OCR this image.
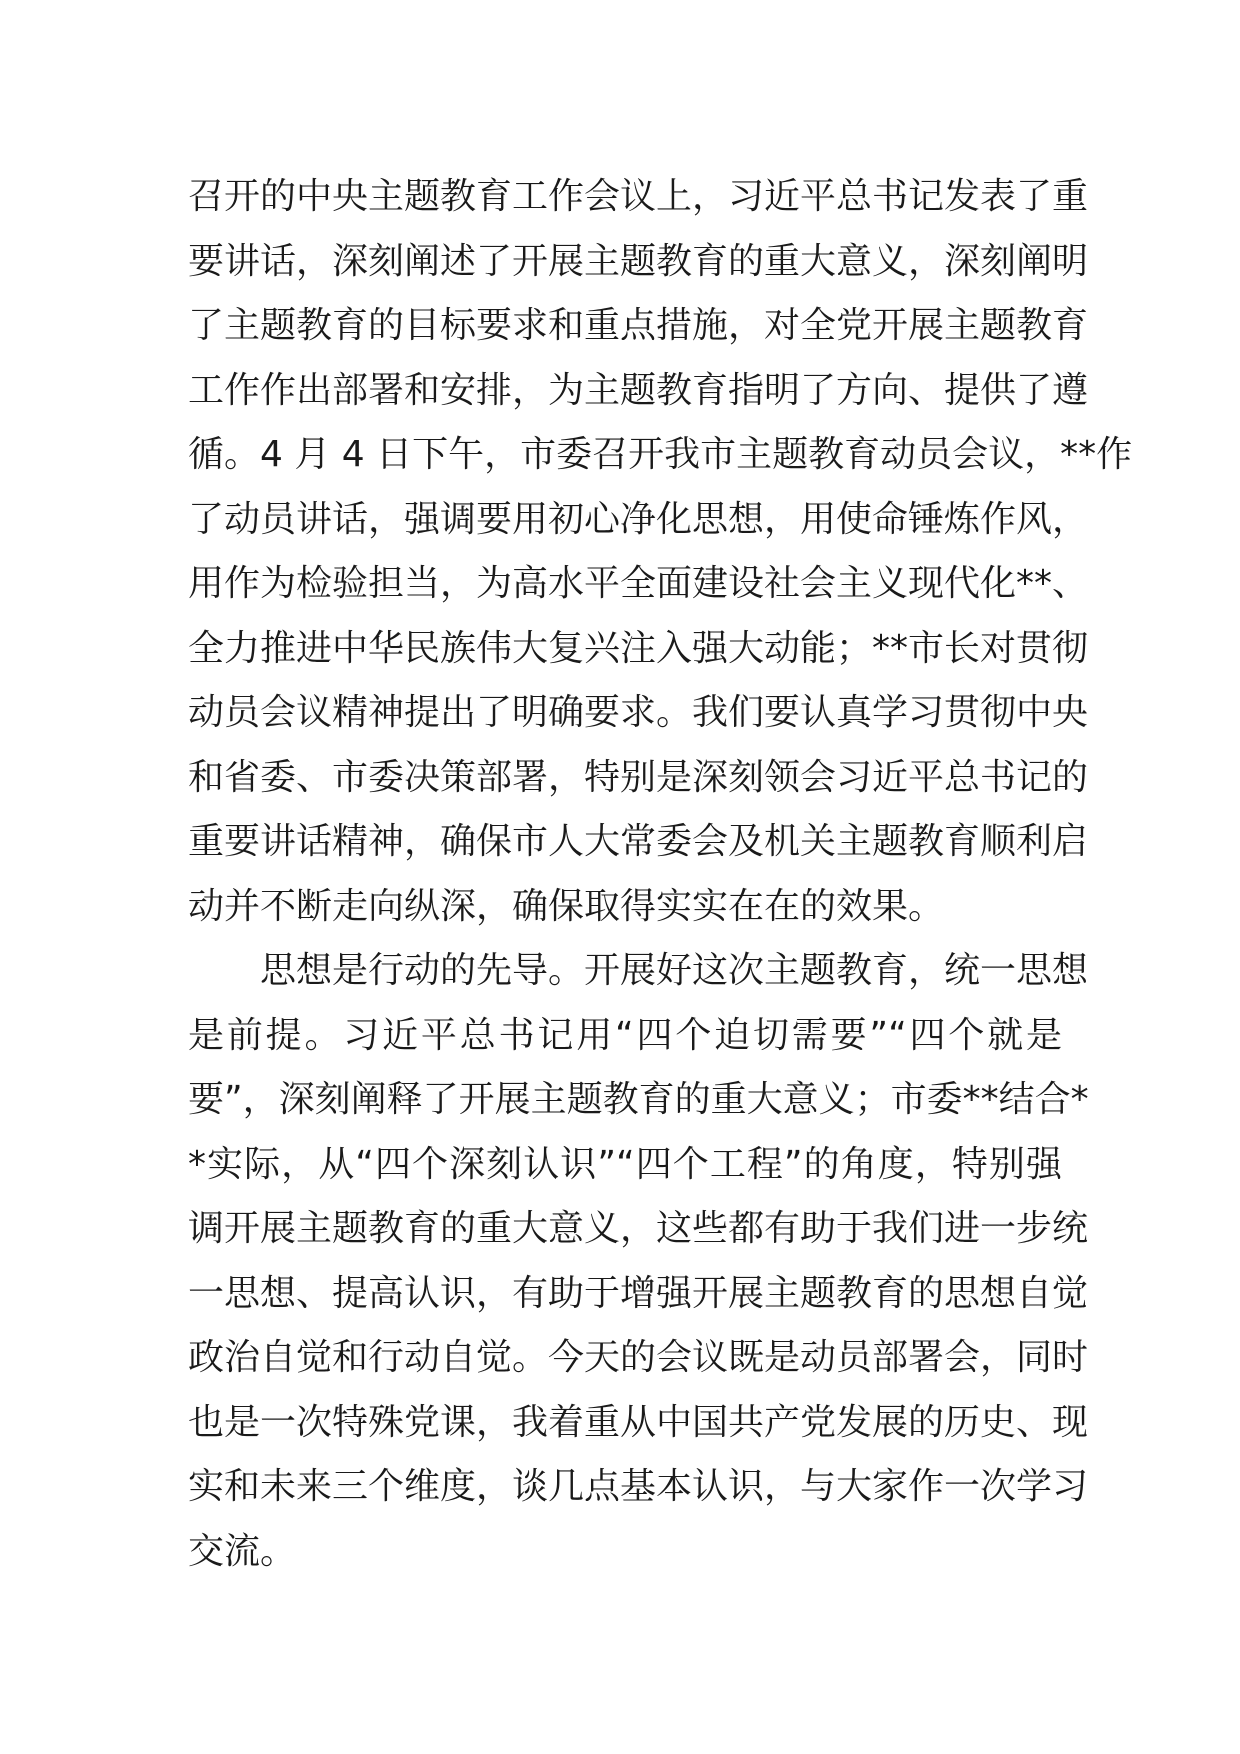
召开的中央主题教育工作会议上，习近平总书记发表了重
要讲话，深刻阐述了开展主题教育的重大意义，深刻阐明
了主题教育的目标要求和重点措施，对全党开展主题教育
工作作出部署和安排，为主题教育指明了方向、提供了遵
循。4 月 4 日下午，市委召开我市主题教育动员会议，**作
了动员讲话，强调要用初心净化思想，用使命锤炼作风，
用作为检验担当，为高水平全面建设社会主义现代化**、
全力推进中华民族伟大复兴注入强大动能；**市长对贯彻
动员会议精神提出了明确要求。我们要认真学习贯彻中央
和省委、市委决策部署，特别是深刻领会习近平总书记的
重要讲话精神，确保市人大常委会及机关主题教育顺利启
动并不断走向纵深，确保取得实实在在的效果。
思想是行动的先导。开展好这次主题教育，统一思想
是前提。习近平总书记用“四个迫切需要”“四个就是
要”，深刻阐释了开展主题教育的重大意义；市委**结合*
*实际，从“四个深刻认识”“四个工程”的角度，特别强
调开展主题教育的重大意义，这些都有助于我们进一步统
一思想、提高认识，有助于增强开展主题教育的思想自觉
政治自觉和行动自觉。今天的会议既是动员部署会，同时
也是一次特殊党课，我着重从中国共产党发展的历史、现
实和未来三个维度，谈几点基本认识，与大家作一次学习
交流。
